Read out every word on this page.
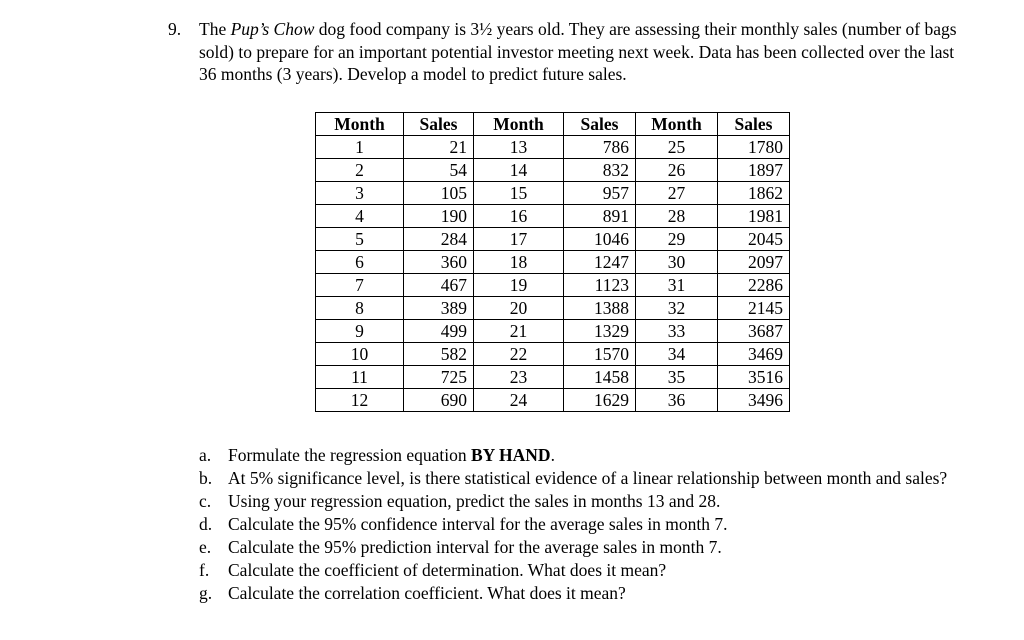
9. The Pup’s Chow dog food company is 3½ years old. They are assessing their monthly sales (number of bags sold) to prepare for an important potential investor meeting next week. Data has been collected over the last 36 months (3 years). Develop a model to predict future sales.
Month	Sales	Month	Sales	Month	Sales
1	21	13	786	25	1780
2	54	14	832	26	1897
3	105	15	957	27	1862
4	190	16	891	28	1981
5	284	17	1046	29	2045
6	360	18	1247	30	2097
7	467	19	1123	31	2286
8	389	20	1388	32	2145
9	499	21	1329	33	3687
10	582	22	1570	34	3469
11	725	23	1458	35	3516
12	690	24	1629	36	3496
a. Formulate the regression equation BY HAND.
b. At 5% significance level, is there statistical evidence of a linear relationship between month and sales?
c. Using your regression equation, predict the sales in months 13 and 28.
d. Calculate the 95% confidence interval for the average sales in month 7.
e. Calculate the 95% prediction interval for the average sales in month 7.
f. Calculate the coefficient of determination. What does it mean?
g. Calculate the correlation coefficient. What does it mean?
